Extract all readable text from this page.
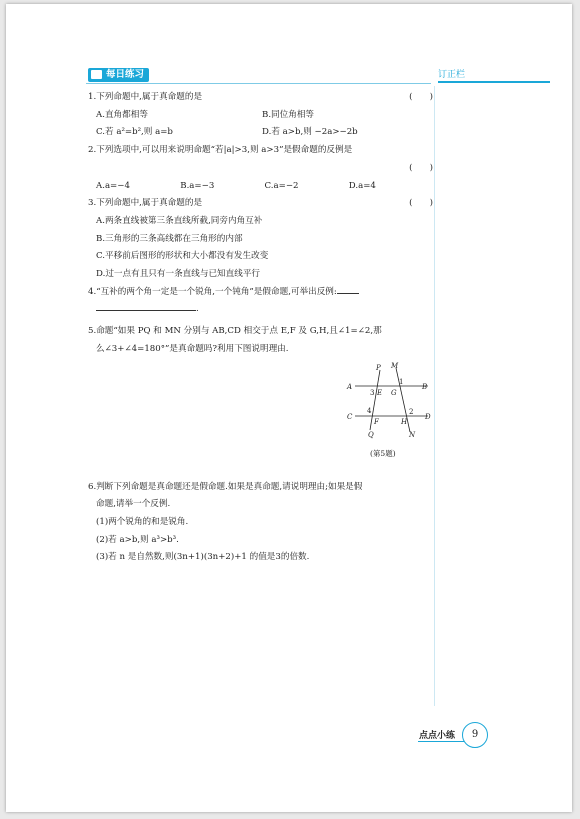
每日练习	订正栏
1.下列命题中,属于真命题的是	(　　)
A.直角都相等	B.同位角相等
C.若 a²=b²,则 a=b	D.若 a>b,则 −2a>−2b
2.下列选项中,可以用来说明命题“若|a|>3,则 a>3”是假命题的反例是
(　　)
A.a=−4	B.a=−3	C.a=−2	D.a=4
3.下列命题中,属于真命题的是	(　　)
A.两条直线被第三条直线所截,同旁内角互补
B.三角形的三条高线都在三角形的内部
C.平移前后图形的形状和大小都没有发生改变
D.过一点有且只有一条直线与已知直线平行
4.“互补的两个角一定是一个锐角,一个钝角”是假命题,可举出反例:
.
5.命题“如果 PQ 和 MN 分别与 AB,CD 相交于点 E,F 及 G,H,且∠1=∠2,那
么∠3+∠4=180°”是真命题吗?利用下图说明理由.
6.判断下列命题是真命题还是假命题.如果是真命题,请说明理由;如果是假
命题,请举一个反例.
(1)两个锐角的和是锐角.
(2)若 a>b,则 a³>b³.
(3)若 n 是自然数,则(3n+1)(3n+2)+1 的值是3的倍数.
P M
A
1
B
3 E G
C
4	2
D
F	H
Q	N
(第5题)
点点小练	9
